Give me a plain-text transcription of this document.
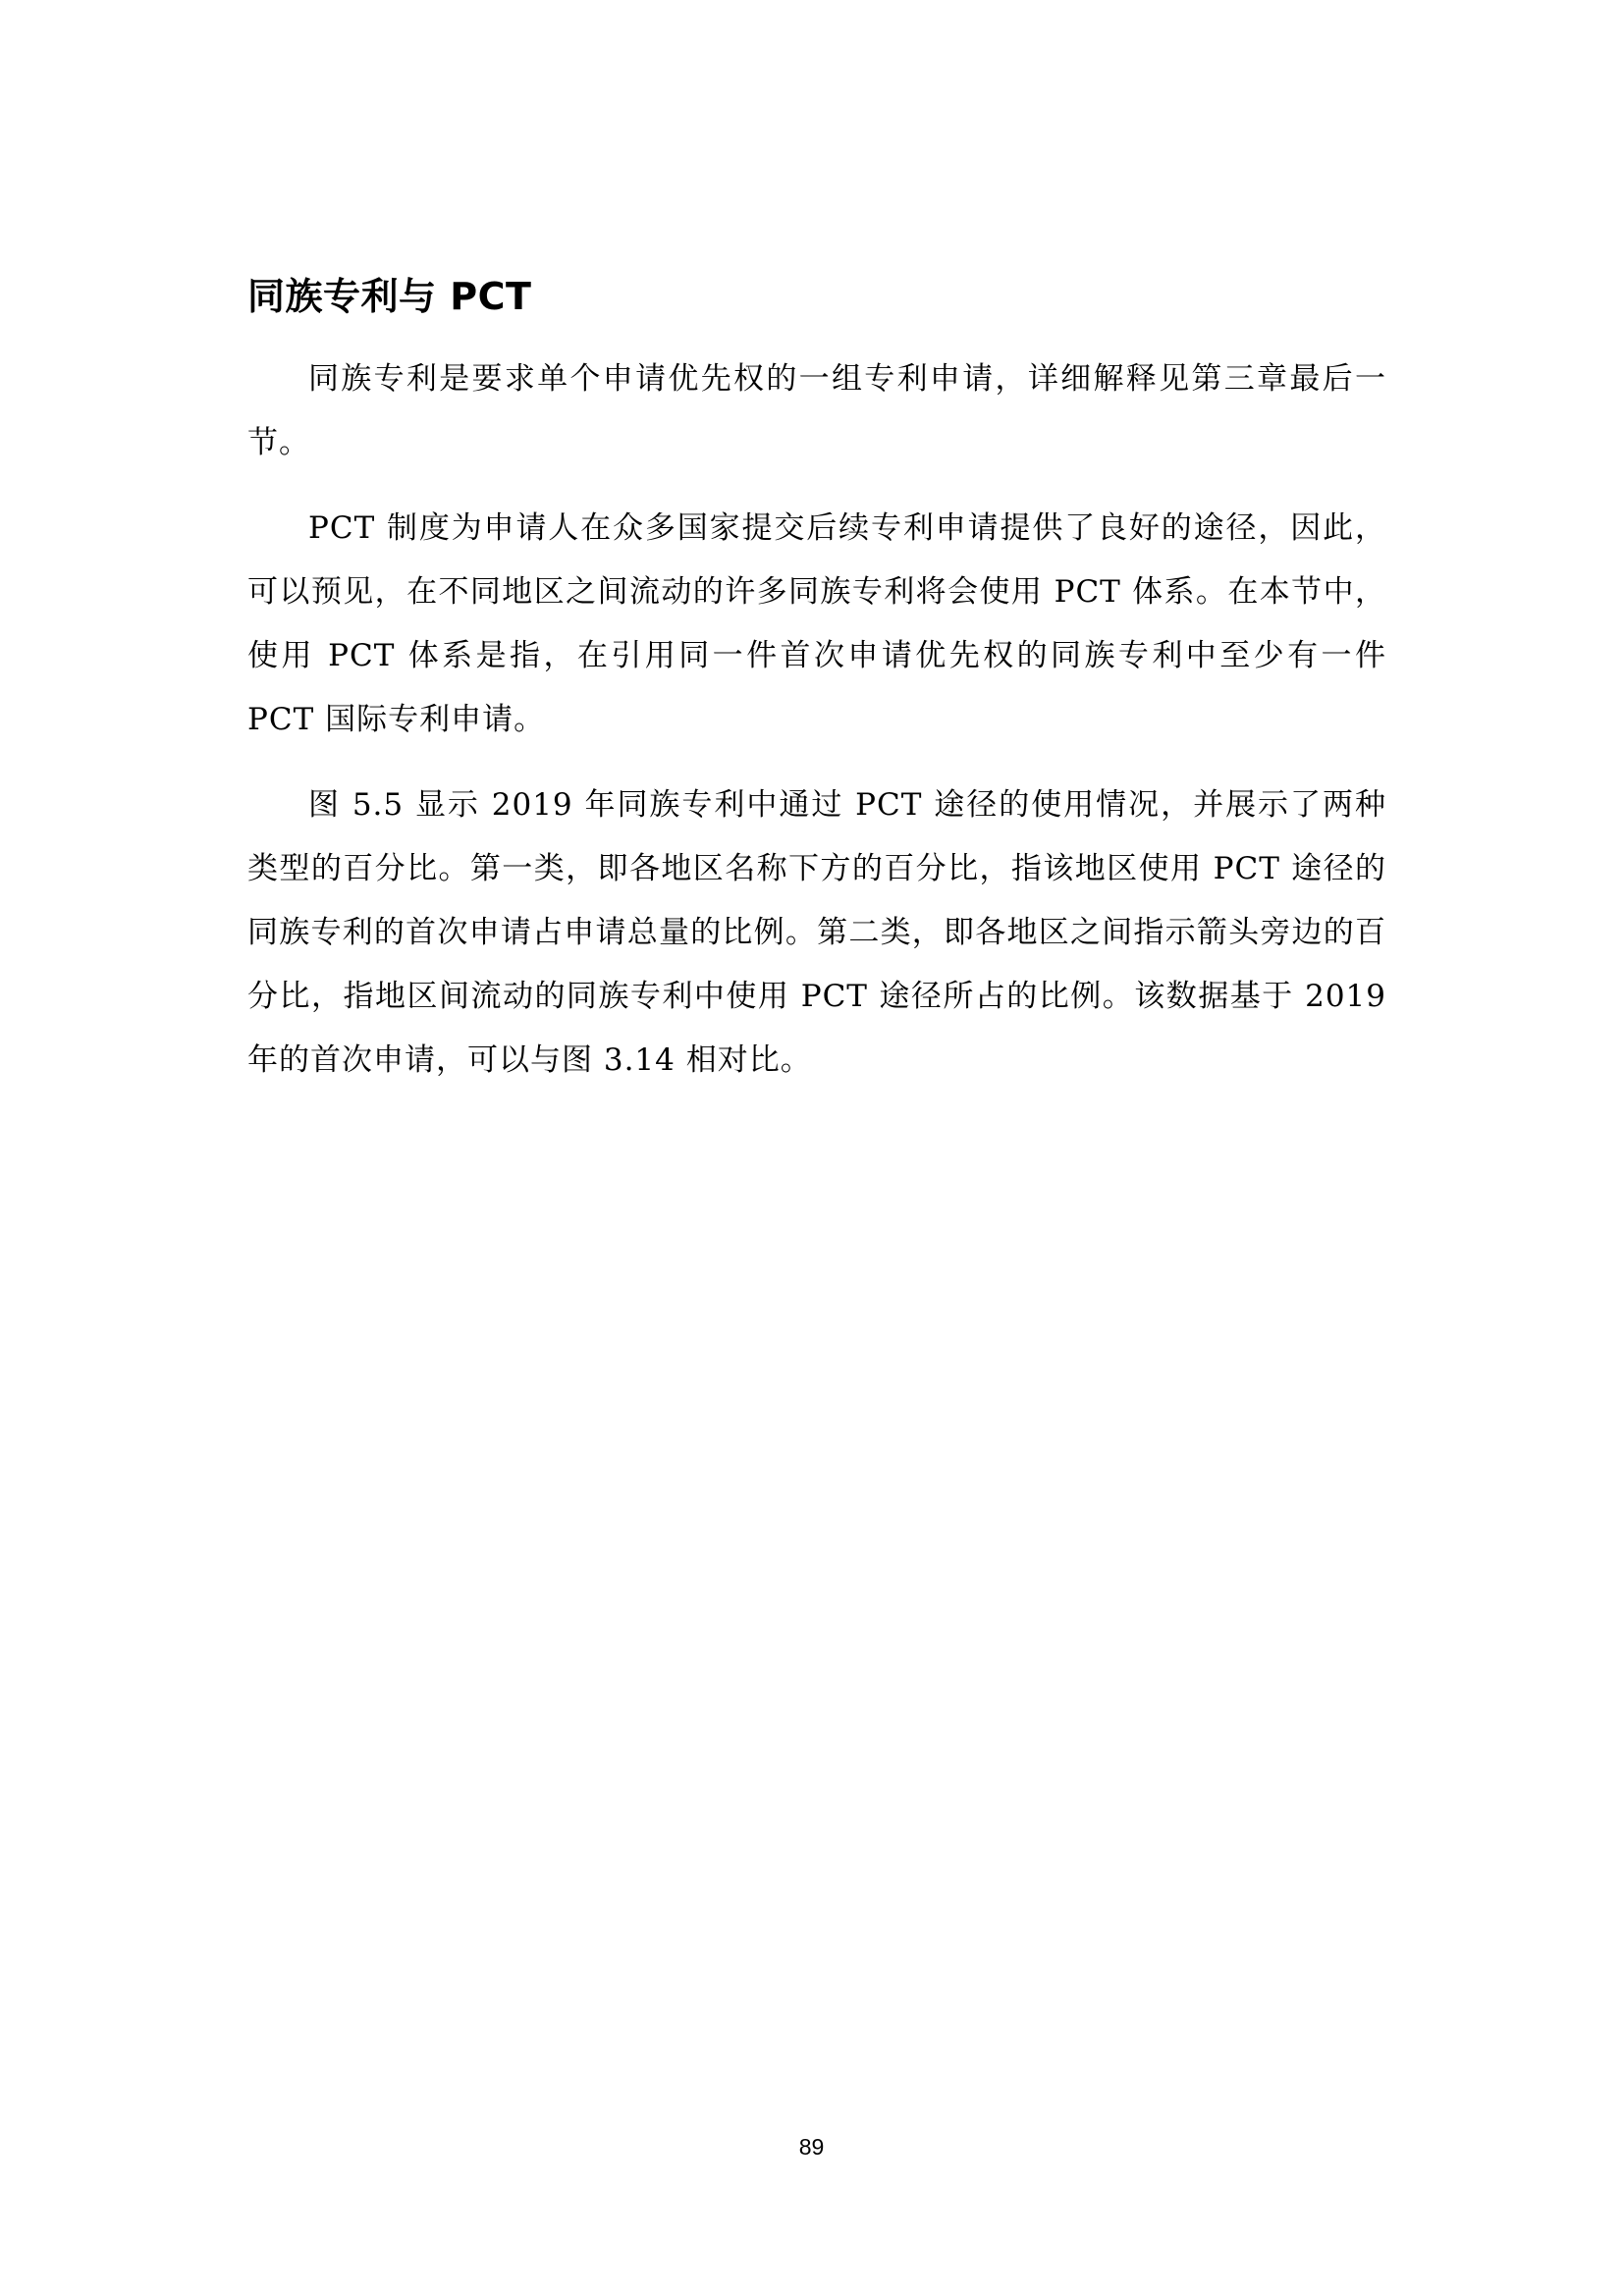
同族专利与 PCT

同族专利是要求单个申请优先权的一组专利申请，详细解释见第三章最后一节。

PCT 制度为申请人在众多国家提交后续专利申请提供了良好的途径，因此，可以预见，在不同地区之间流动的许多同族专利将会使用 PCT 体系。在本节中，使用 PCT 体系是指，在引用同一件首次申请优先权的同族专利中至少有一件 PCT 国际专利申请。

图 5.5 显示 2019 年同族专利中通过 PCT 途径的使用情况，并展示了两种类型的百分比。第一类，即各地区名称下方的百分比，指该地区使用 PCT 途径的同族专利的首次申请占申请总量的比例。第二类，即各地区之间指示箭头旁边的百分比，指地区间流动的同族专利中使用 PCT 途径所占的比例。该数据基于 2019 年的首次申请，可以与图 3.14 相对比。

89
